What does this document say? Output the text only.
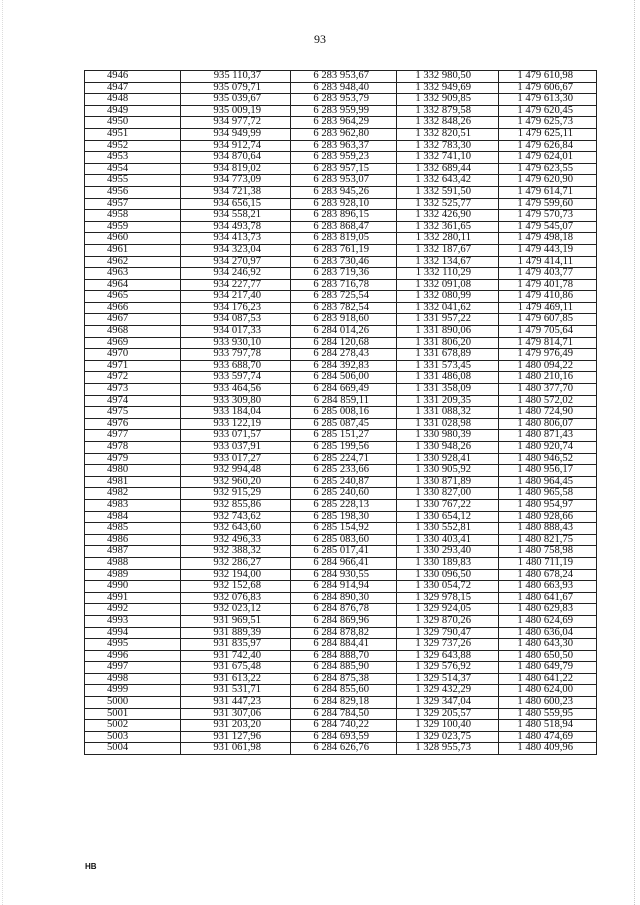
93
4946	935 110,37	6 283 953,67	1 332 980,50	1 479 610,98
4947	935 079,71	6 283 948,40	1 332 949,69	1 479 606,67
4948	935 039,67	6 283 953,79	1 332 909,85	1 479 613,30
4949	935 009,19	6 283 959,99	1 332 879,58	1 479 620,45
4950	934 977,72	6 283 964,29	1 332 848,26	1 479 625,73
4951	934 949,99	6 283 962,80	1 332 820,51	1 479 625,11
4952	934 912,74	6 283 963,37	1 332 783,30	1 479 626,84
4953	934 870,64	6 283 959,23	1 332 741,10	1 479 624,01
4954	934 819,02	6 283 957,15	1 332 689,44	1 479 623,55
4955	934 773,09	6 283 953,07	1 332 643,42	1 479 620,90
4956	934 721,38	6 283 945,26	1 332 591,50	1 479 614,71
4957	934 656,15	6 283 928,10	1 332 525,77	1 479 599,60
4958	934 558,21	6 283 896,15	1 332 426,90	1 479 570,73
4959	934 493,78	6 283 868,47	1 332 361,65	1 479 545,07
4960	934 413,73	6 283 819,05	1 332 280,11	1 479 498,18
4961	934 323,04	6 283 761,19	1 332 187,67	1 479 443,19
4962	934 270,97	6 283 730,46	1 332 134,67	1 479 414,11
4963	934 246,92	6 283 719,36	1 332 110,29	1 479 403,77
4964	934 227,77	6 283 716,78	1 332 091,08	1 479 401,78
4965	934 217,40	6 283 725,54	1 332 080,99	1 479 410,86
4966	934 176,23	6 283 782,54	1 332 041,62	1 479 469,11
4967	934 087,53	6 283 918,60	1 331 957,22	1 479 607,85
4968	934 017,33	6 284 014,26	1 331 890,06	1 479 705,64
4969	933 930,10	6 284 120,68	1 331 806,20	1 479 814,71
4970	933 797,78	6 284 278,43	1 331 678,89	1 479 976,49
4971	933 688,70	6 284 392,83	1 331 573,45	1 480 094,22
4972	933 597,74	6 284 506,00	1 331 486,08	1 480 210,16
4973	933 464,56	6 284 669,49	1 331 358,09	1 480 377,70
4974	933 309,80	6 284 859,11	1 331 209,35	1 480 572,02
4975	933 184,04	6 285 008,16	1 331 088,32	1 480 724,90
4976	933 122,19	6 285 087,45	1 331 028,98	1 480 806,07
4977	933 071,57	6 285 151,27	1 330 980,39	1 480 871,43
4978	933 037,91	6 285 199,56	1 330 948,26	1 480 920,74
4979	933 017,27	6 285 224,71	1 330 928,41	1 480 946,52
4980	932 994,48	6 285 233,66	1 330 905,92	1 480 956,17
4981	932 960,20	6 285 240,87	1 330 871,89	1 480 964,45
4982	932 915,29	6 285 240,60	1 330 827,00	1 480 965,58
4983	932 855,86	6 285 228,13	1 330 767,22	1 480 954,97
4984	932 743,62	6 285 198,30	1 330 654,12	1 480 928,66
4985	932 643,60	6 285 154,92	1 330 552,81	1 480 888,43
4986	932 496,33	6 285 083,60	1 330 403,41	1 480 821,75
4987	932 388,32	6 285 017,41	1 330 293,40	1 480 758,98
4988	932 286,27	6 284 966,41	1 330 189,83	1 480 711,19
4989	932 194,00	6 284 930,55	1 330 096,50	1 480 678,24
4990	932 152,68	6 284 914,94	1 330 054,72	1 480 663,93
4991	932 076,83	6 284 890,30	1 329 978,15	1 480 641,67
4992	932 023,12	6 284 876,78	1 329 924,05	1 480 629,83
4993	931 969,51	6 284 869,96	1 329 870,26	1 480 624,69
4994	931 889,39	6 284 878,82	1 329 790,47	1 480 636,04
4995	931 835,97	6 284 884,41	1 329 737,26	1 480 643,30
4996	931 742,40	6 284 888,70	1 329 643,88	1 480 650,50
4997	931 675,48	6 284 885,90	1 329 576,92	1 480 649,79
4998	931 613,22	6 284 875,38	1 329 514,37	1 480 641,22
4999	931 531,71	6 284 855,60	1 329 432,29	1 480 624,00
5000	931 447,23	6 284 829,18	1 329 347,04	1 480 600,23
5001	931 307,06	6 284 784,50	1 329 205,57	1 480 559,95
5002	931 203,20	6 284 740,22	1 329 100,40	1 480 518,94
5003	931 127,96	6 284 693,59	1 329 023,75	1 480 474,69
5004	931 061,98	6 284 626,76	1 328 955,73	1 480 409,96
НВ
